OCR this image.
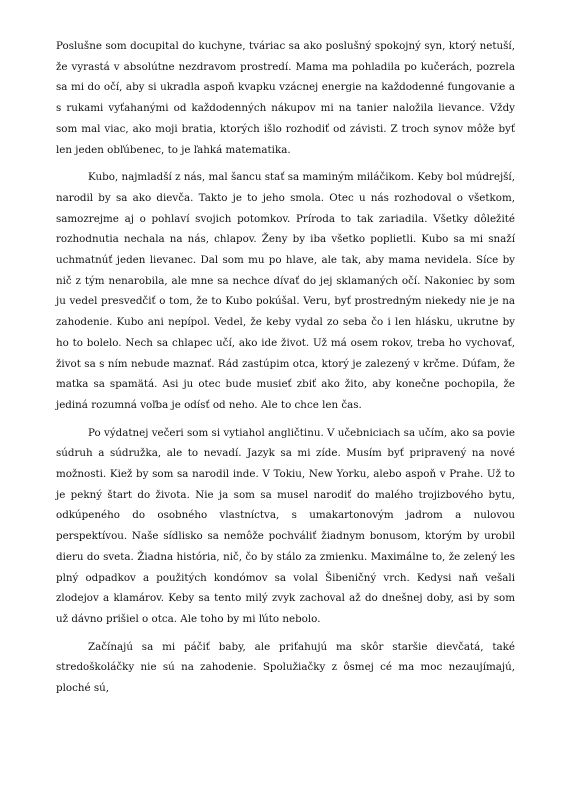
Poslušne som docupital do kuchyne, tváriac sa ako poslušný spokojný syn, ktorý netuší, že vyrastá v absolútne nezdravom prostredí. Mama ma pohladila po kučerách, pozrela sa mi do očí, aby si ukradla aspoň kvapku vzácnej energie na každodenné fungovanie a s rukami vyťahanými od každodenných nákupov mi na tanier naložila lievance. Vždy som mal viac, ako moji bratia, ktorých išlo rozhodiť od závisti. Z troch synov môže byť len jeden obľúbenec, to je ľahká matematika.

Kubo, najmladší z nás, mal šancu stať sa maminým miláčikom. Keby bol múdrejší, narodil by sa ako dievča. Takto je to jeho smola. Otec u nás rozhodoval o všetkom, samozrejme aj o pohlaví svojich potomkov. Príroda to tak zariadila. Všetky dôležité rozhodnutia nechala na nás, chlapov. Ženy by iba všetko poplietli. Kubo sa mi snaží uchmatnúť jeden lievanec. Dal som mu po hlave, ale tak, aby mama nevidela. Síce by nič z tým nenarobila, ale mne sa nechce dívať do jej sklamaných očí. Nakoniec by som ju vedel presvedčiť o tom, že to Kubo pokúšal. Veru, byť prostredným niekedy nie je na zahodenie. Kubo ani nepípol. Vedel, že keby vydal zo seba čo i len hlásku, ukrutne by ho to bolelo. Nech sa chlapec učí, ako ide život. Už má osem rokov, treba ho vychovať, život sa s ním nebude maznať. Rád zastúpim otca, ktorý je zalezený v krčme. Dúfam, že matka sa spamätá. Asi ju otec bude musieť zbiť ako žito, aby konečne pochopila, že jediná rozumná voľba je odísť od neho. Ale to chce len čas.

Po výdatnej večeri som si vytiahol angličtinu. V učebniciach sa učím, ako sa povie súdruh a súdružka, ale to nevadí. Jazyk sa mi zíde. Musím byť pripravený na nové možnosti. Kiež by som sa narodil inde. V Tokiu, New Yorku, alebo aspoň v Prahe. Už to je pekný štart do života. Nie ja som sa musel narodiť do malého trojizbového bytu, odkúpeného do osobného vlastníctva, s umakartonovým jadrom a nulovou perspektívou. Naše sídlisko sa nemôže pochváliť žiadnym bonusom, ktorým by urobil dieru do sveta. Žiadna história, nič, čo by stálo za zmienku. Maximálne to, že zelený les plný odpadkov a použitých kondómov sa volal Šibeničný vrch. Kedysi naň vešali zlodejov a klamárov. Keby sa tento milý zvyk zachoval až do dnešnej doby, asi by som už dávno prišiel o otca. Ale toho by mi ľúto nebolo.

Začínajú sa mi páčiť baby, ale priťahujú ma skôr staršie dievčatá, také stredoškoláčky nie sú na zahodenie. Spolužiačky z ôsmej cé ma moc nezaujímajú, ploché sú,
